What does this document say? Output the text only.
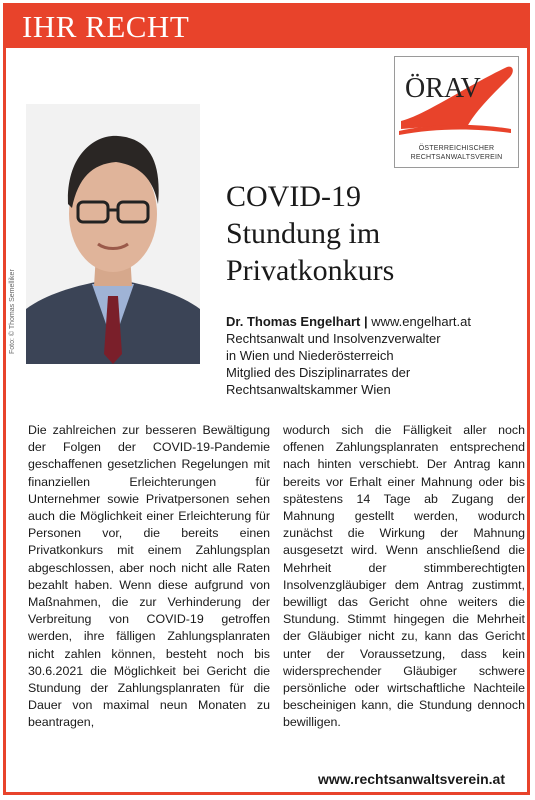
IHR RECHT
ÖRAV
ÖSTERREICHISCHER
RECHTSANWALTSVEREIN
Foto: © Thomas Semelliker
COVID-19
Stundung im
Privatkonkurs
Dr. Thomas Engelhart | www.engelhart.at
Rechtsanwalt und Insolvenzverwalter
in Wien und Niederösterreich
Mitglied des Disziplinarrates der
Rechtsanwaltskammer Wien
Die zahlreichen zur besseren Bewältigung der Folgen der COVID-19-Pandemie geschaffenen gesetzlichen Regelungen mit finanziellen Erleichterungen für Unternehmer sowie Privatpersonen sehen auch die Möglichkeit einer Erleichterung für Personen vor, die bereits einen Privatkonkurs mit einem Zahlungsplan abgeschlossen, aber noch nicht alle Raten bezahlt haben. Wenn diese aufgrund von Maßnahmen, die zur Verhinderung der Verbreitung von COVID-19 getroffen werden, ihre fälligen Zahlungsplanraten nicht zahlen können, besteht noch bis 30.6.2021 die Möglichkeit bei Gericht die Stundung der Zahlungsplanraten für die Dauer von maximal neun Monaten zu beantragen,
wodurch sich die Fälligkeit aller noch offenen Zahlungsplanraten entsprechend nach hinten verschiebt. Der Antrag kann bereits vor Erhalt einer Mahnung oder bis spätestens 14 Tage ab Zugang der Mahnung gestellt werden, wodurch zunächst die Wirkung der Mahnung ausgesetzt wird. Wenn anschließend die Mehrheit der stimmberechtigten Insolvenzgläubiger dem Antrag zustimmt, bewilligt das Gericht ohne weiters die Stundung. Stimmt hingegen die Mehrheit der Gläubiger nicht zu, kann das Gericht unter der Voraussetzung, dass kein widersprechender Gläubiger schwere persönliche oder wirtschaftliche Nachteile bescheinigen kann, die Stundung dennoch bewilligen.
www.rechtsanwaltsverein.at
